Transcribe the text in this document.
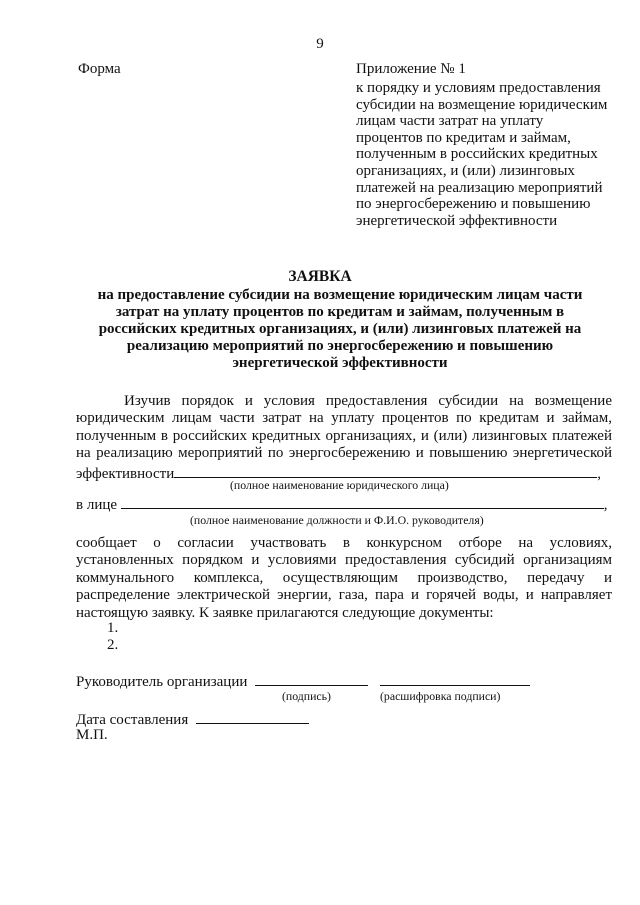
9
Форма	Приложение № 1
к порядку и условиям предоставления
субсидии на возмещение юридическим
лицам части затрат на уплату
процентов по кредитам и займам,
полученным в российских кредитных
организациях, и (или) лизинговых
платежей на реализацию мероприятий
по энергосбережению и повышению
энергетической эффективности
ЗАЯВКА
на предоставление субсидии на возмещение юридическим лицам части
затрат на уплату процентов по кредитам и займам, полученным в
российских кредитных организациях, и (или) лизинговых платежей на
реализацию мероприятий по энергосбережению и повышению
энергетической эффективности
Изучив порядок и условия предоставления субсидии на возмещение
юридическим лицам части затрат на уплату процентов по кредитам и займам,
полученным в российских кредитных организациях, и (или) лизинговых платежей
на реализацию мероприятий по энергосбережению и повышению энергетической
эффективности	,
(полное наименование юридического лица)
в лице	,
(полное наименование должности и Ф.И.О. руководителя)
сообщает о согласии участвовать в конкурсном отборе на условиях,
установленных порядком и условиями предоставления субсидий организациям
коммунального комплекса, осуществляющим производство, передачу и
распределение электрической энергии, газа, пара и горячей воды, и направляет
настоящую заявку. К заявке прилагаются следующие документы:
1.
2.
Руководитель организации
(подпись)	(расшифровка подписи)
Дата составления
М.П.
